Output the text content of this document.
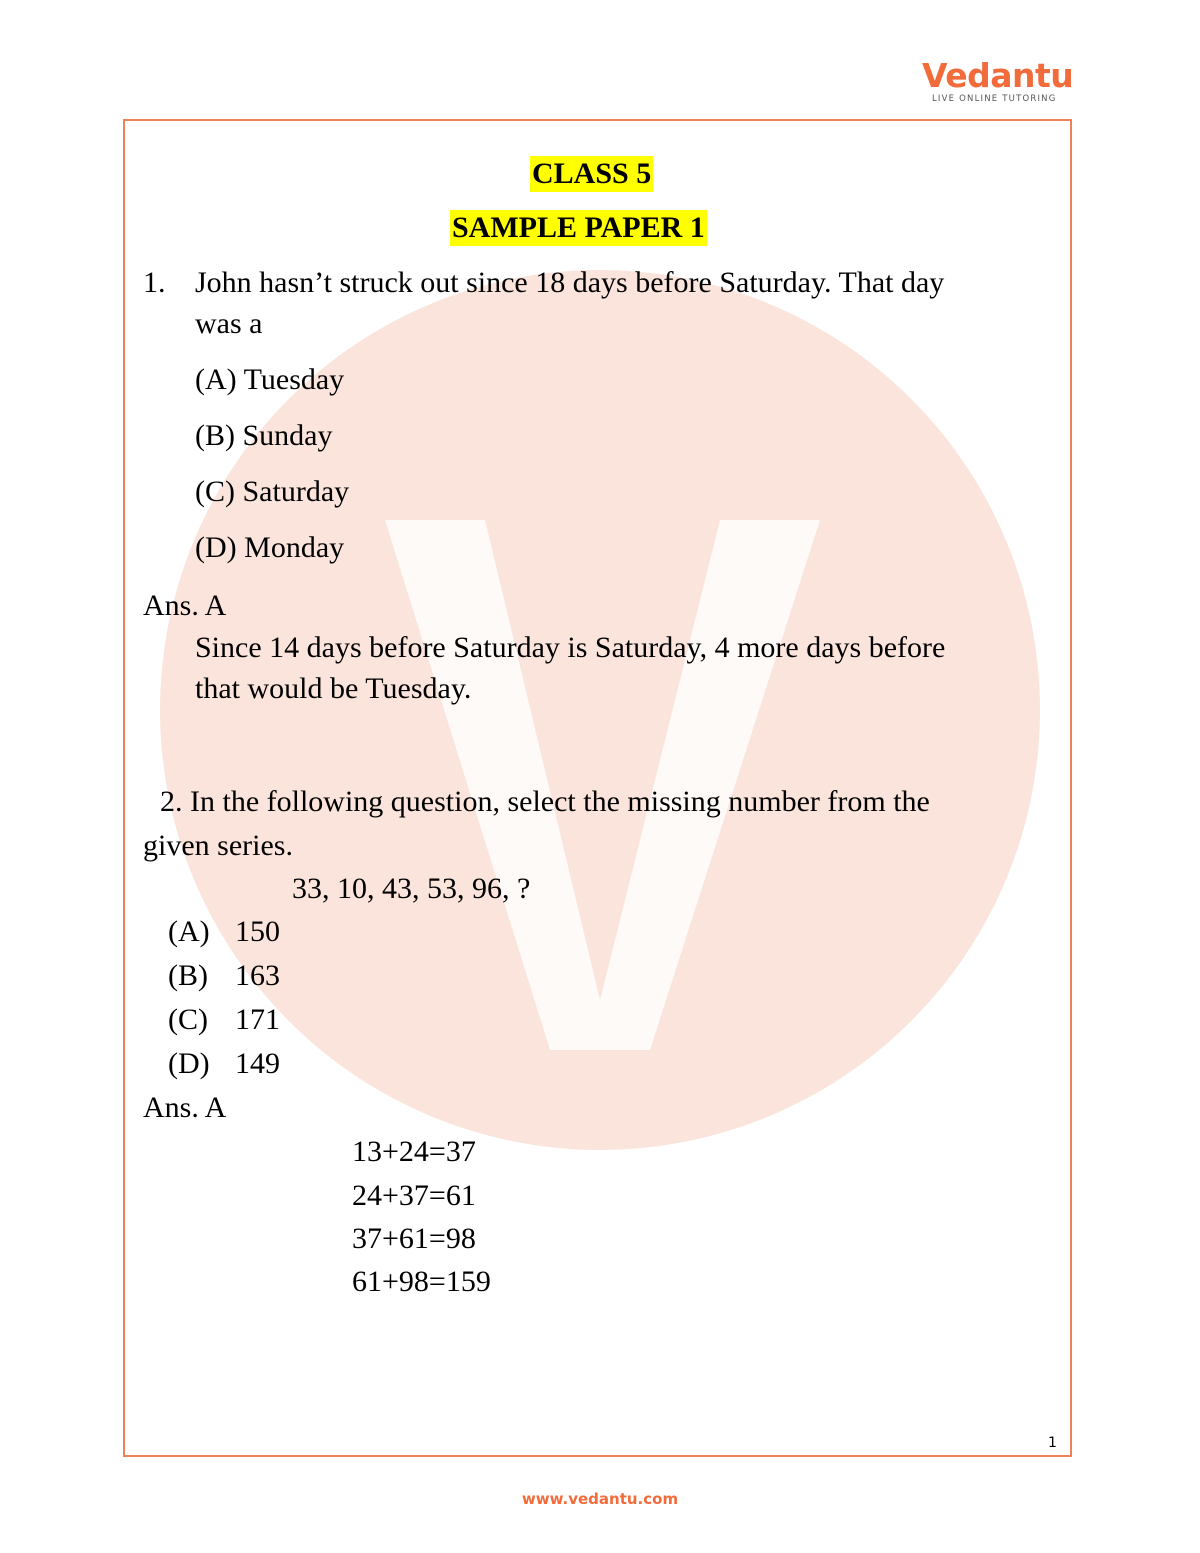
Vedantu
LIVE ONLINE TUTORING
CLASS 5
SAMPLE PAPER 1
1. John hasn’t struck out since 18 days before Saturday. That day
was a
(A) Tuesday
(B) Sunday
(C) Saturday
(D) Monday
Ans. A
Since 14 days before Saturday is Saturday, 4 more days before
that would be Tuesday.
2. In the following question, select the missing number from the
given series.
33, 10, 43, 53, 96, ?
(A) 150
(B) 163
(C) 171
(D) 149
Ans. A
13+24=37
24+37=61
37+61=98
61+98=159
1
www.vedantu.com
